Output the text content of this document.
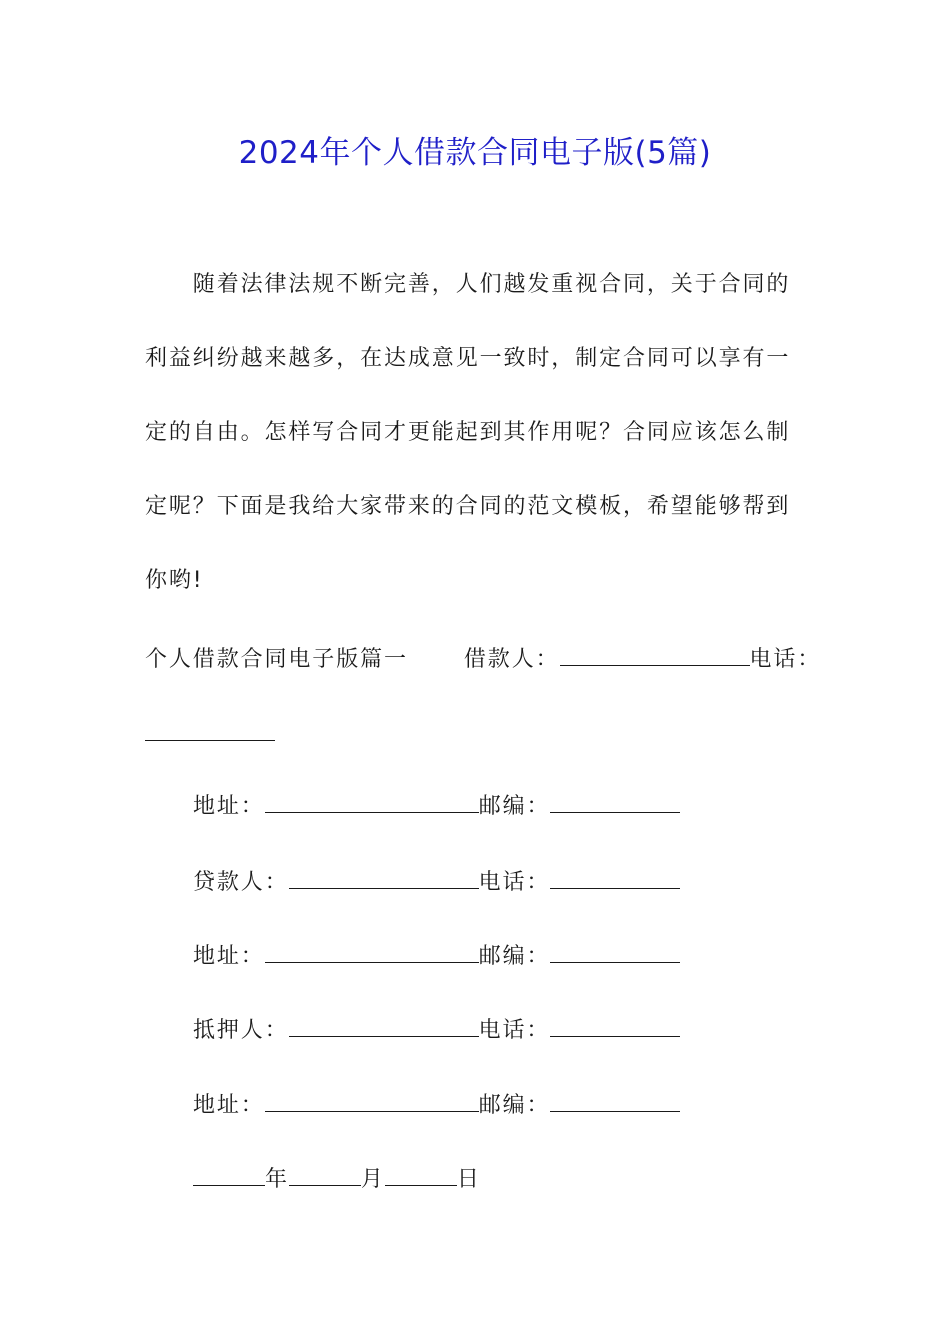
2024年个人借款合同电子版(5篇)
　　随着法律法规不断完善，人们越发重视合同，关于合同的
利益纠纷越来越多，在达成意见一致时，制定合同可以享有一
定的自由。怎样写合同才更能起到其作用呢？合同应该怎么制
定呢？下面是我给大家带来的合同的范文模板，希望能够帮到
你哟!
个人借款合同电子版篇一	借款人：	电话：
地址：	邮编：
贷款人：	电话：
地址：	邮编：
抵押人：	电话：
地址：	邮编：
年	月	日
